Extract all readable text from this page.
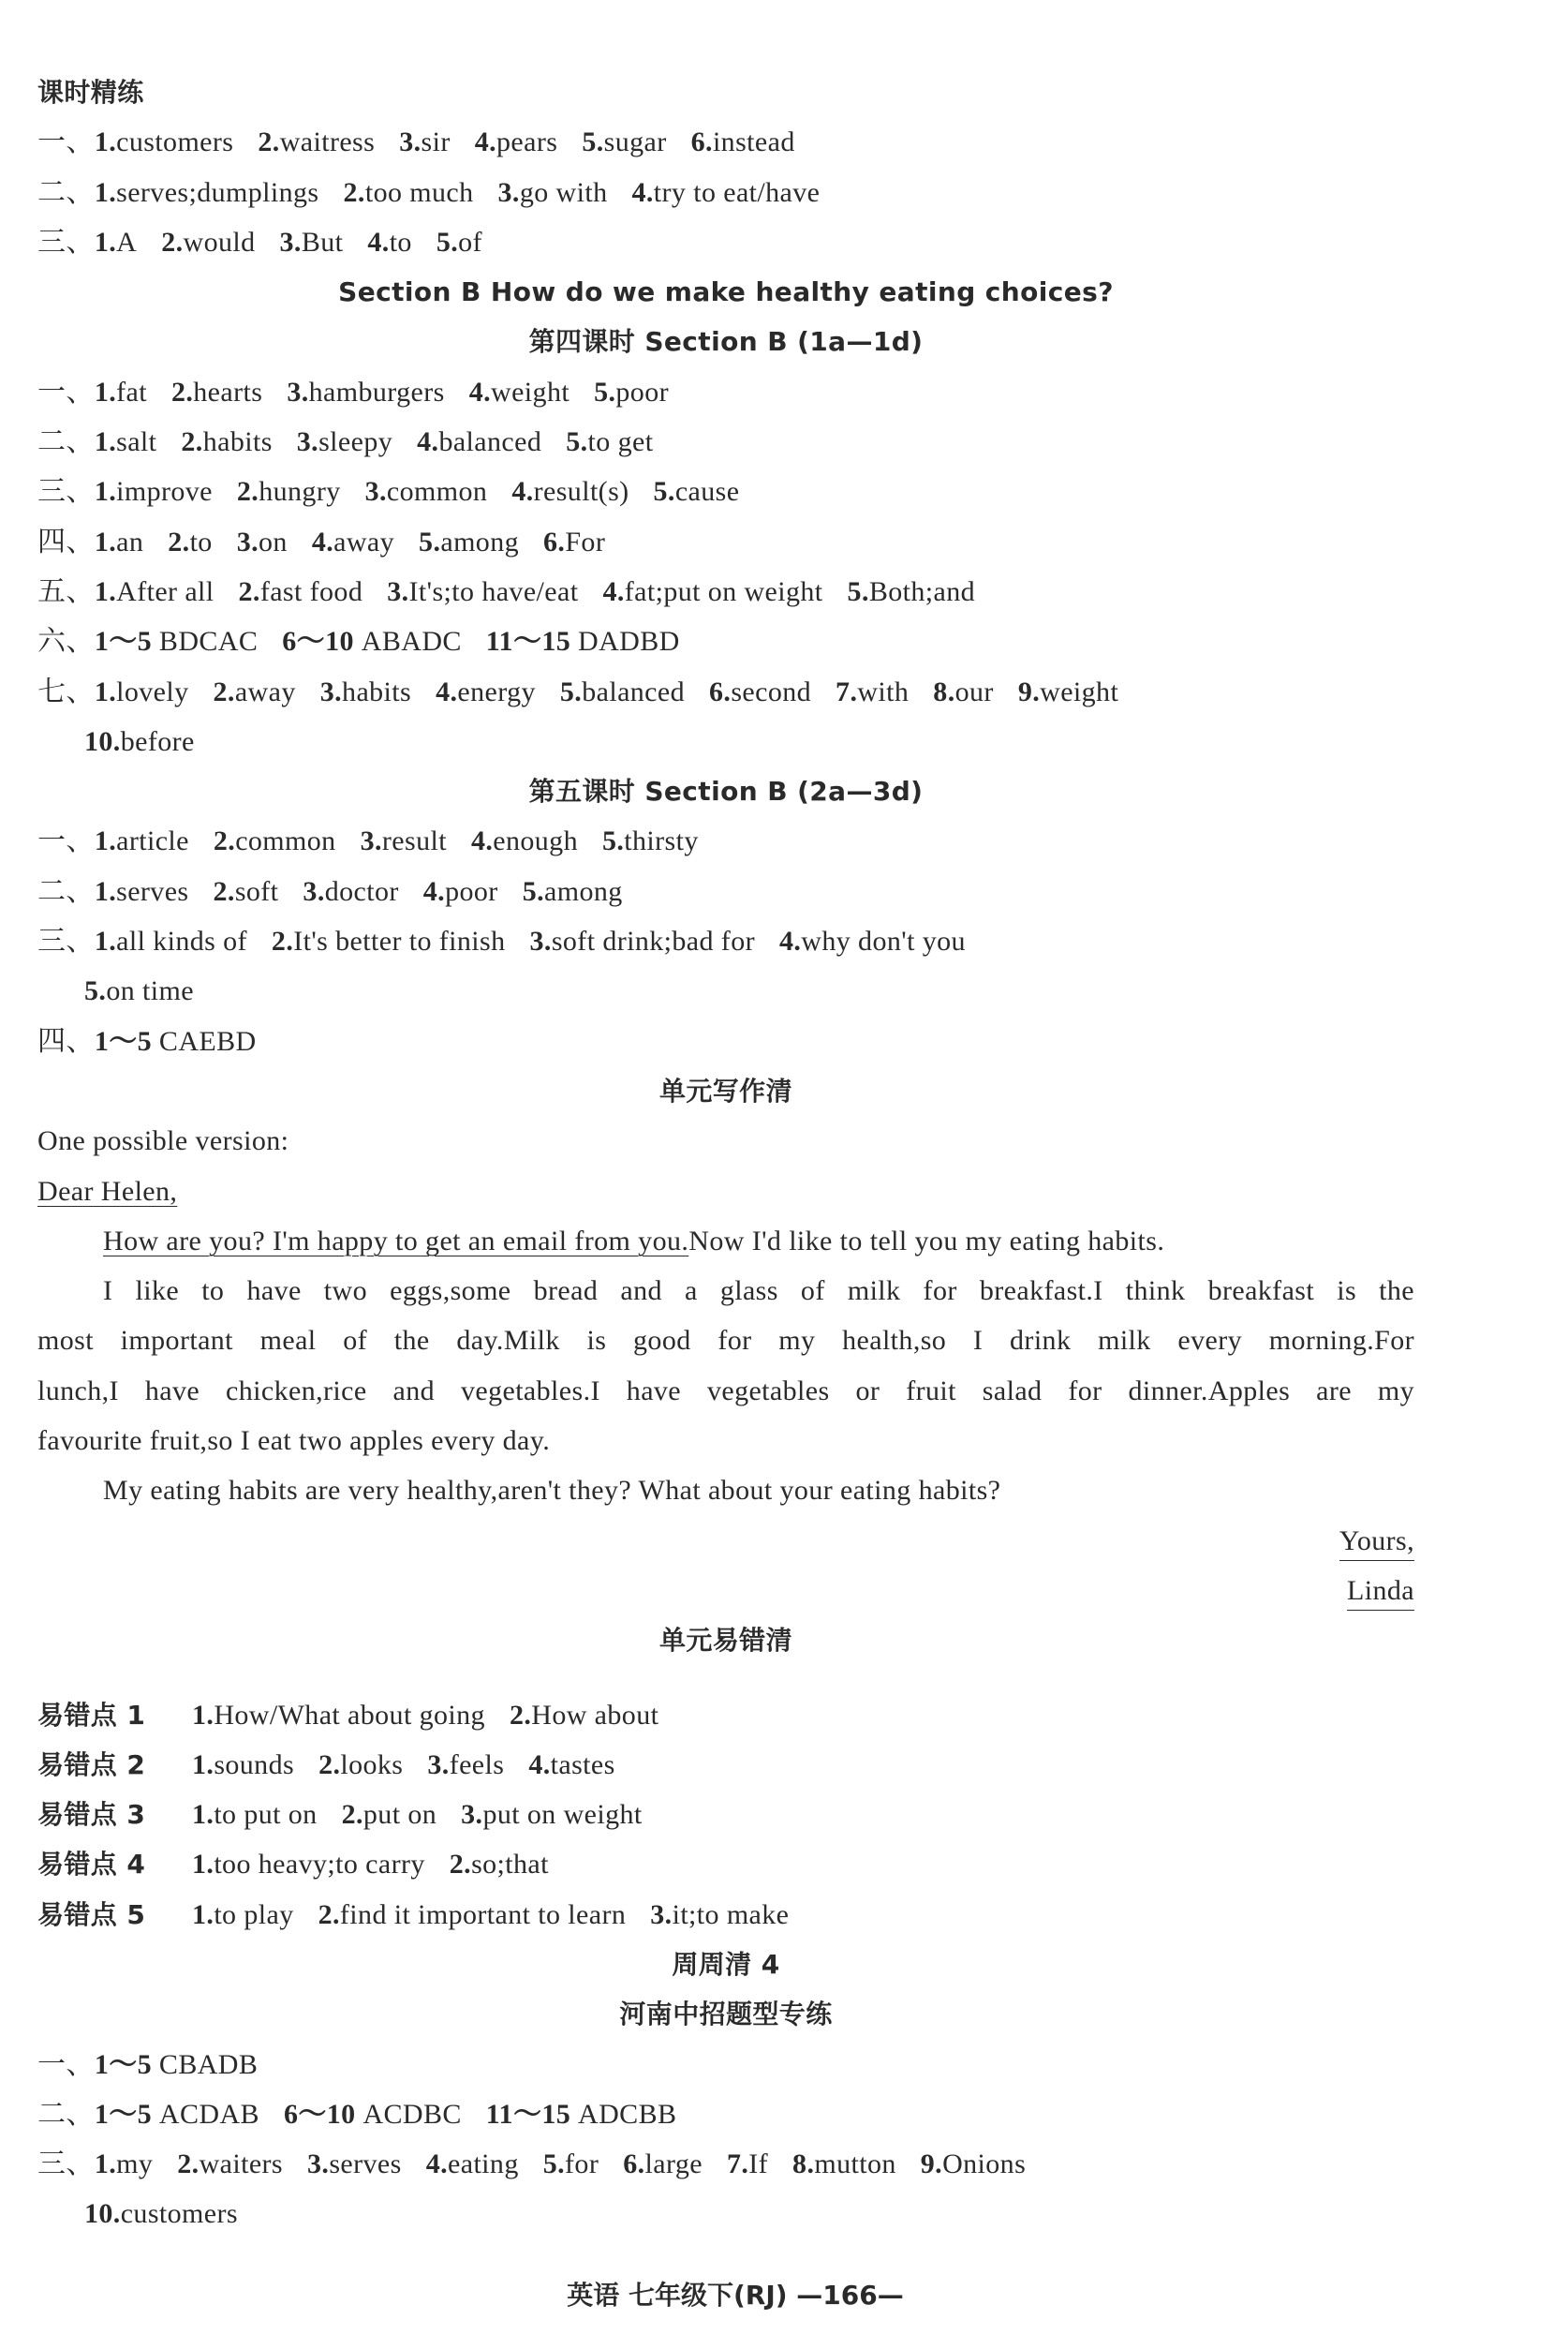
课时精练
一、1.customers 2.waitress 3.sir 4.pears 5.sugar 6.instead
二、1.serves;dumplings 2.too much 3.go with 4.try to eat/have
三、1.A 2.would 3.But 4.to 5.of
Section B How do we make healthy eating choices?
第四课时 Section B (1a—1d)
一、1.fat 2.hearts 3.hamburgers 4.weight 5.poor
二、1.salt 2.habits 3.sleepy 4.balanced 5.to get
三、1.improve 2.hungry 3.common 4.result(s) 5.cause
四、1.an 2.to 3.on 4.away 5.among 6.For
五、1.After all 2.fast food 3.It's;to have/eat 4.fat;put on weight 5.Both;and
六、1～5 BDCAC 6～10 ABADC 11～15 DADBD
七、1.lovely 2.away 3.habits 4.energy 5.balanced 6.second 7.with 8.our 9.weight
10.before
第五课时 Section B (2a—3d)
一、1.article 2.common 3.result 4.enough 5.thirsty
二、1.serves 2.soft 3.doctor 4.poor 5.among
三、1.all kinds of 2.It's better to finish 3.soft drink;bad for 4.why don't you
5.on time
四、1～5 CAEBD
单元写作清
One possible version:
Dear Helen,
How are you? I'm happy to get an email from you.Now I'd like to tell you my eating habits.
I like to have two eggs,some bread and a glass of milk for breakfast.I think breakfast is the
most important meal of the day.Milk is good for my health,so I drink milk every morning.For
lunch,I have chicken,rice and vegetables.I have vegetables or fruit salad for dinner.Apples are my
favourite fruit,so I eat two apples every day.
My eating habits are very healthy,aren't they? What about your eating habits?
Yours,
Linda
单元易错清
易错点 1 1.How/What about going 2.How about
易错点 2 1.sounds 2.looks 3.feels 4.tastes
易错点 3 1.to put on 2.put on 3.put on weight
易错点 4 1.too heavy;to carry 2.so;that
易错点 5 1.to play 2.find it important to learn 3.it;to make
周周清 4
河南中招题型专练
一、1～5 CBADB
二、1～5 ACDAB 6～10 ACDBC 11～15 ADCBB
三、1.my 2.waiters 3.serves 4.eating 5.for 6.large 7.If 8.mutton 9.Onions
10.customers
英语 七年级下(RJ) —166—
